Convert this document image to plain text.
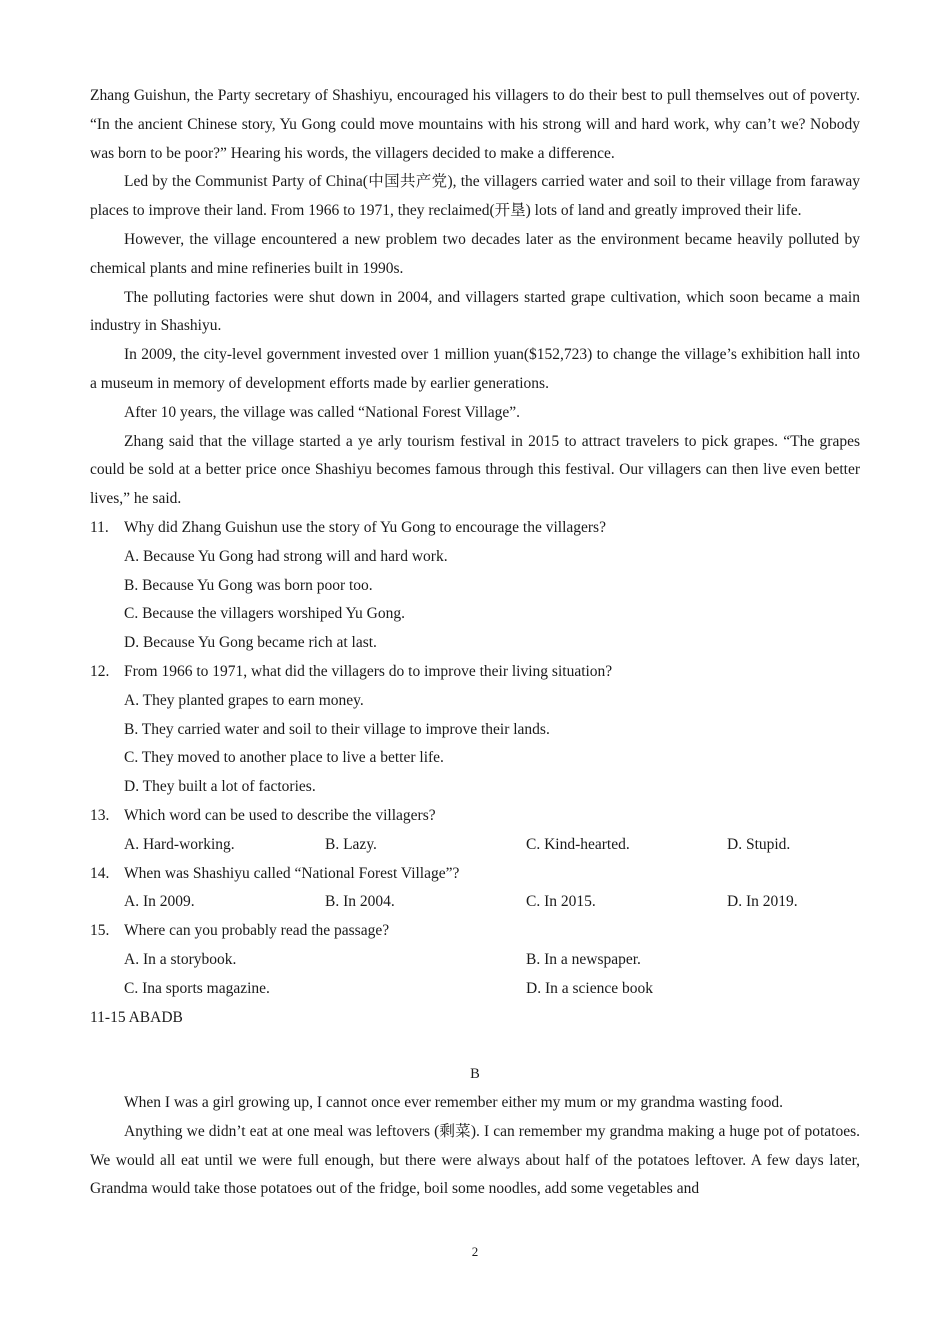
Zhang Guishun, the Party secretary of Shashiyu, encouraged his villagers to do their best to pull themselves out of poverty. “In the ancient Chinese story, Yu Gong could move mountains with his strong will and hard work, why can’t we? Nobody was born to be poor?” Hearing his words, the villagers decided to make a difference.

Led by the Communist Party of China(中国共产党), the villagers carried water and soil to their village from faraway places to improve their land. From 1966 to 1971, they reclaimed(开垦) lots of land and greatly improved their life.

However, the village encountered a new problem two decades later as the environment became heavily polluted by chemical plants and mine refineries built in 1990s.

The polluting factories were shut down in 2004, and villagers started grape cultivation, which soon became a main industry in Shashiyu.

In 2009, the city-level government invested over 1 million yuan($152,723) to change the village’s exhibition hall into a museum in memory of development efforts made by earlier generations.

After 10 years, the village was called “National Forest Village”.

Zhang said that the village started a ye arly tourism festival in 2015 to attract travelers to pick grapes. “The grapes could be sold at a better price once Shashiyu becomes famous through this festival. Our villagers can then live even better lives,” he said.

11. Why did Zhang Guishun use the story of Yu Gong to encourage the villagers?
A. Because Yu Gong had strong will and hard work.
B. Because Yu Gong was born poor too.
C. Because the villagers worshiped Yu Gong.
D. Because Yu Gong became rich at last.
12. From 1966 to 1971, what did the villagers do to improve their living situation?
A. They planted grapes to earn money.
B. They carried water and soil to their village to improve their lands.
C. They moved to another place to live a better life.
D. They built a lot of factories.
13. Which word can be used to describe the villagers?
A. Hard-working.	B. Lazy.	C. Kind-hearted.	D. Stupid.
14. When was Shashiyu called “National Forest Village”?
A. In 2009.	B. In 2004.	C. In 2015.	D. In 2019.
15. Where can you probably read the passage?
A. In a storybook.	B. In a newspaper.
C. Ina sports magazine.	D. In a science book
11-15 ABADB
B

When I was a girl growing up, I cannot once ever remember either my mum or my grandma wasting food.

Anything we didn’t eat at one meal was leftovers (剩菜). I can remember my grandma making a huge pot of potatoes. We would all eat until we were full enough, but there were always about half of the potatoes leftover. A few days later, Grandma would take those potatoes out of the fridge, boil some noodles, add some vegetables and

2
